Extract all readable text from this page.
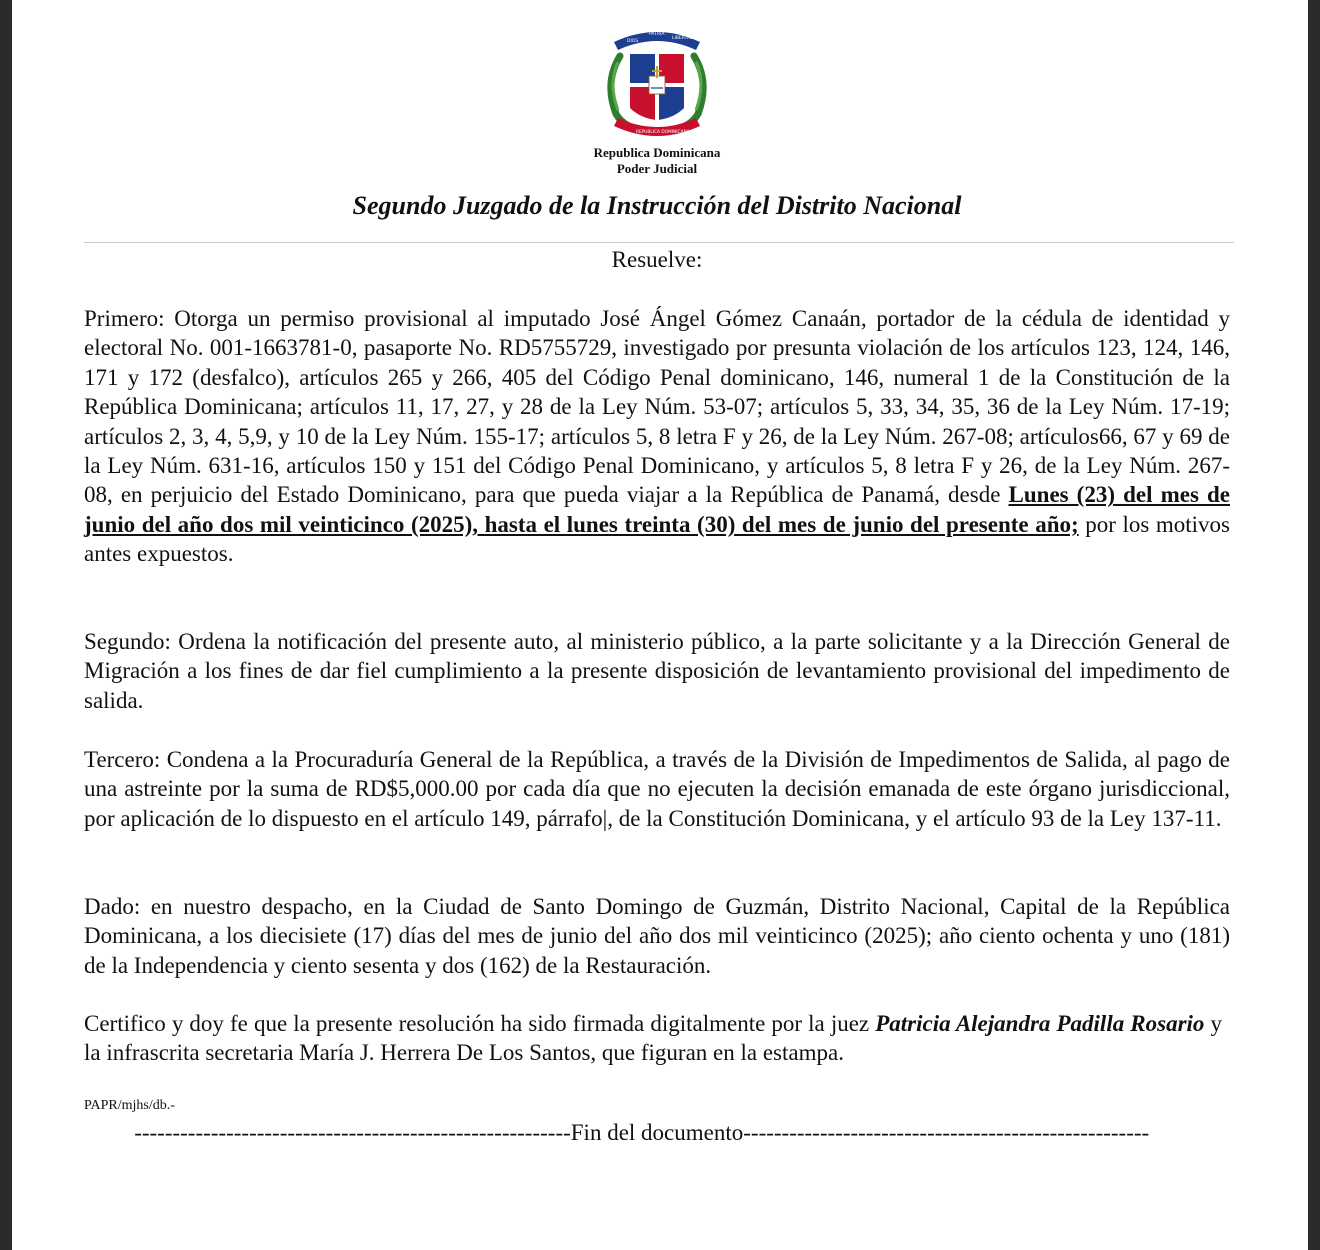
DIOS
PATRIA
LIBERTAD
REPUBLICA DOMINICANA
Republica Dominicana
Poder Judicial
Segundo Juzgado de la Instrucción del Distrito Nacional
Resuelve:
Primero: Otorga un permiso provisional al imputado José Ángel Gómez Canaán, portador de la cédula de identidad y electoral No. 001-1663781-0, pasaporte No. RD5755729, investigado por presunta violación de los artículos 123, 124, 146, 171 y 172 (desfalco), artículos 265 y 266, 405 del Código Penal dominicano, 146, numeral 1 de la Constitución de la República Dominicana; artículos 11, 17, 27, y 28 de la Ley Núm. 53-07; artículos 5, 33, 34, 35, 36 de la Ley Núm. 17-19; artículos 2, 3, 4, 5,9, y 10 de la Ley Núm. 155-17; artículos 5, 8 letra F y 26, de la Ley Núm. 267-08; artículos66, 67 y 69 de la Ley Núm. 631-16, artículos 150 y 151 del Código Penal Dominicano, y artículos 5, 8 letra F y 26, de la Ley Núm. 267-08, en perjuicio del Estado Dominicano, para que pueda viajar a la República de Panamá, desde Lunes (23) del mes de junio del año dos mil veinticinco (2025), hasta el lunes treinta (30) del mes de junio del presente año; por los motivos antes expuestos.
Segundo: Ordena la notificación del presente auto, al ministerio público, a la parte solicitante y a la Dirección General de Migración a los fines de dar fiel cumplimiento a la presente disposición de levantamiento provisional del impedimento de salida.
Tercero: Condena a la Procuraduría General de la República, a través de la División de Impedimentos de Salida, al pago de una astreinte por la suma de RD$5,000.00 por cada día que no ejecuten la decisión emanada de este órgano jurisdiccional, por aplicación de lo dispuesto en el artículo 149, párrafo|, de la Constitución Dominicana, y el artículo 93 de la Ley 137-11.
Dado: en nuestro despacho, en la Ciudad de Santo Domingo de Guzmán, Distrito Nacional, Capital de la República Dominicana, a los diecisiete (17) días del mes de junio del año dos mil veinticinco (2025); año ciento ochenta y uno (181) de la Independencia y ciento sesenta y dos (162) de la Restauración.
Certifico y doy fe que la presente resolución ha sido firmada digitalmente por la juez Patricia Alejandra Padilla Rosario y la infrascrita secretaria María J. Herrera De Los Santos, que figuran en la estampa.
PAPR/mjhs/db.-
--------------------------------------------------------- Fin del documento -----------------------------------------------------
